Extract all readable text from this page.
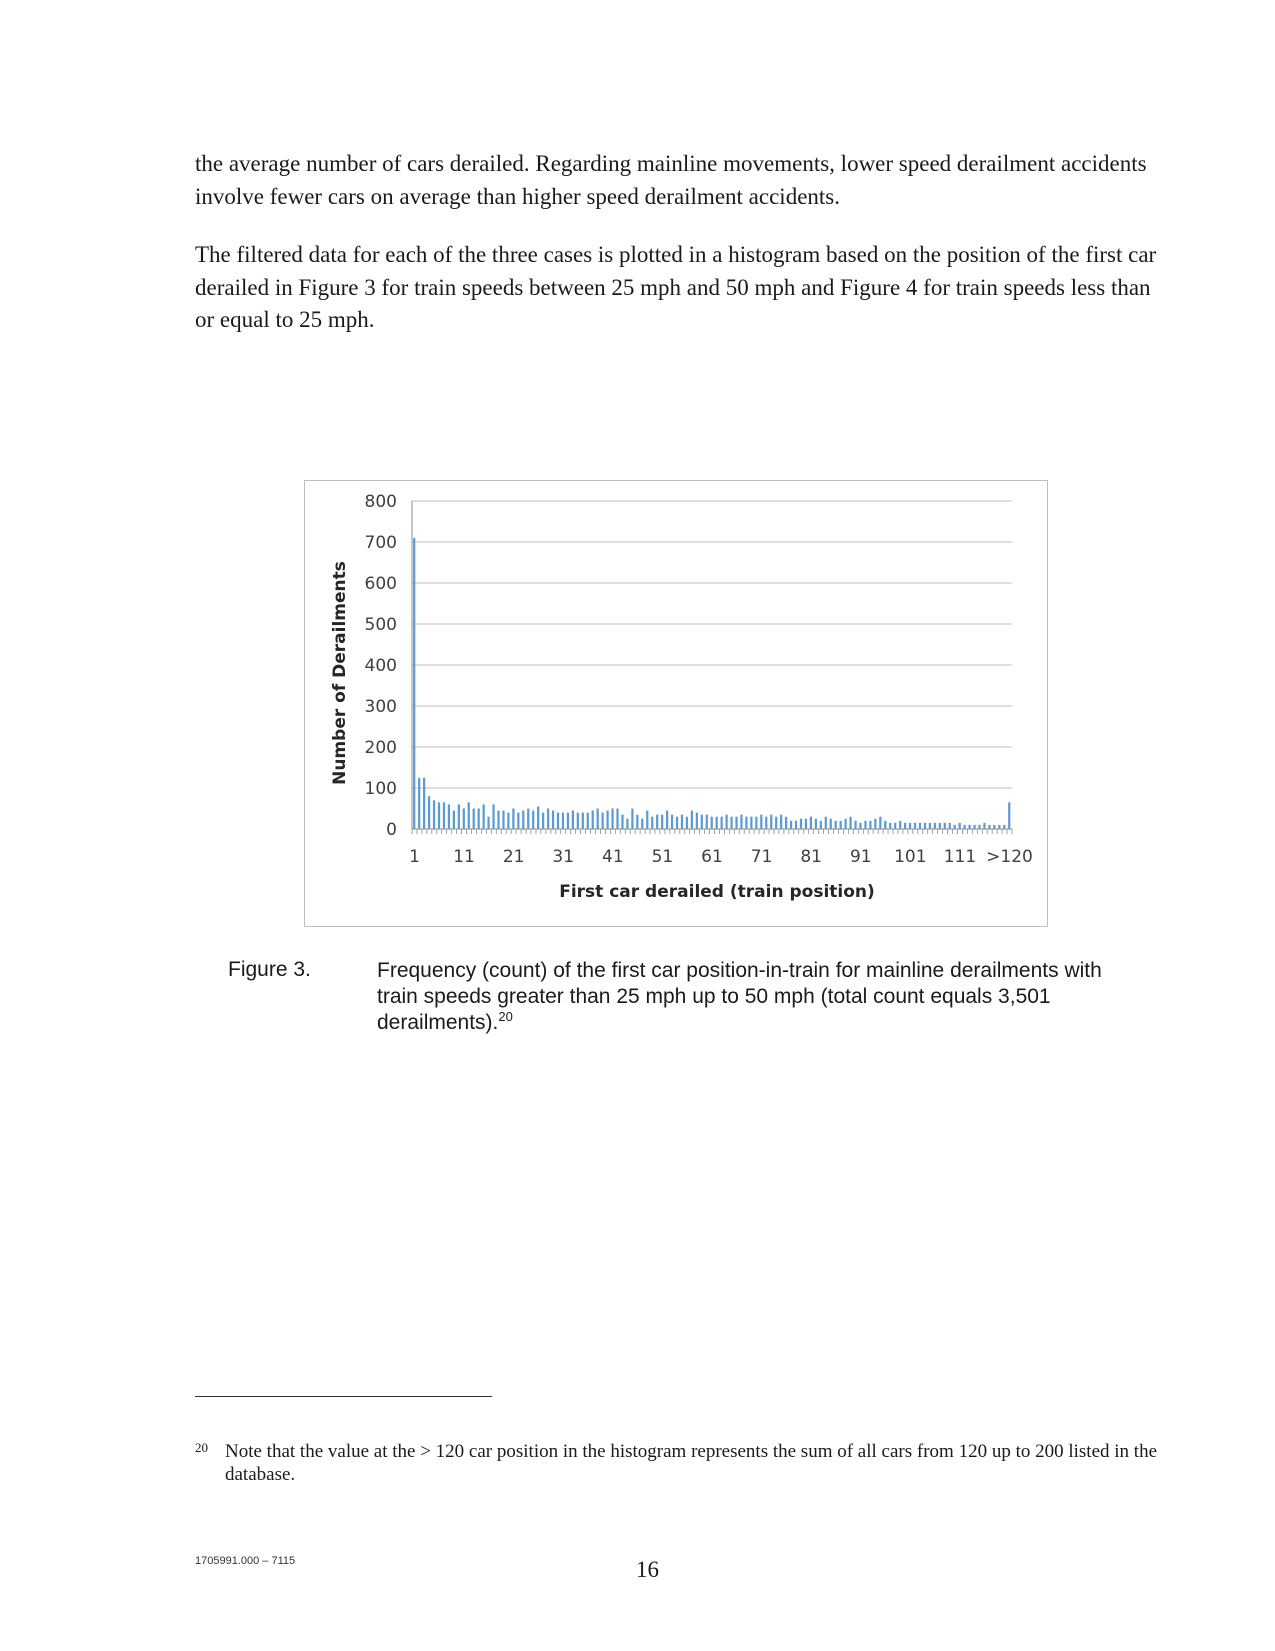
the average number of cars derailed. Regarding mainline movements, lower speed derailment accidents involve fewer cars on average than higher speed derailment accidents.

The filtered data for each of the three cases is plotted in a histogram based on the position of the first car derailed in Figure 3 for train speeds between 25 mph and 50 mph and Figure 4 for train speeds less than or equal to 25 mph.

0
100
200
300
400
500
600
700
800
1 11 21 31 41 51 61 71 81 91 101 111 >120
First car derailed (train position)
Number of Derailments
Figure 3.	Frequency (count) of the first car position-in-train for mainline derailments with train speeds greater than 25 mph up to 50 mph (total count equals 3,501 derailments).$^{20}$
20 Note that the value at the > 120 car position in the histogram represents the sum of all cars from 120 up to 200 listed in the database.
1705991.000 – 7115	16
